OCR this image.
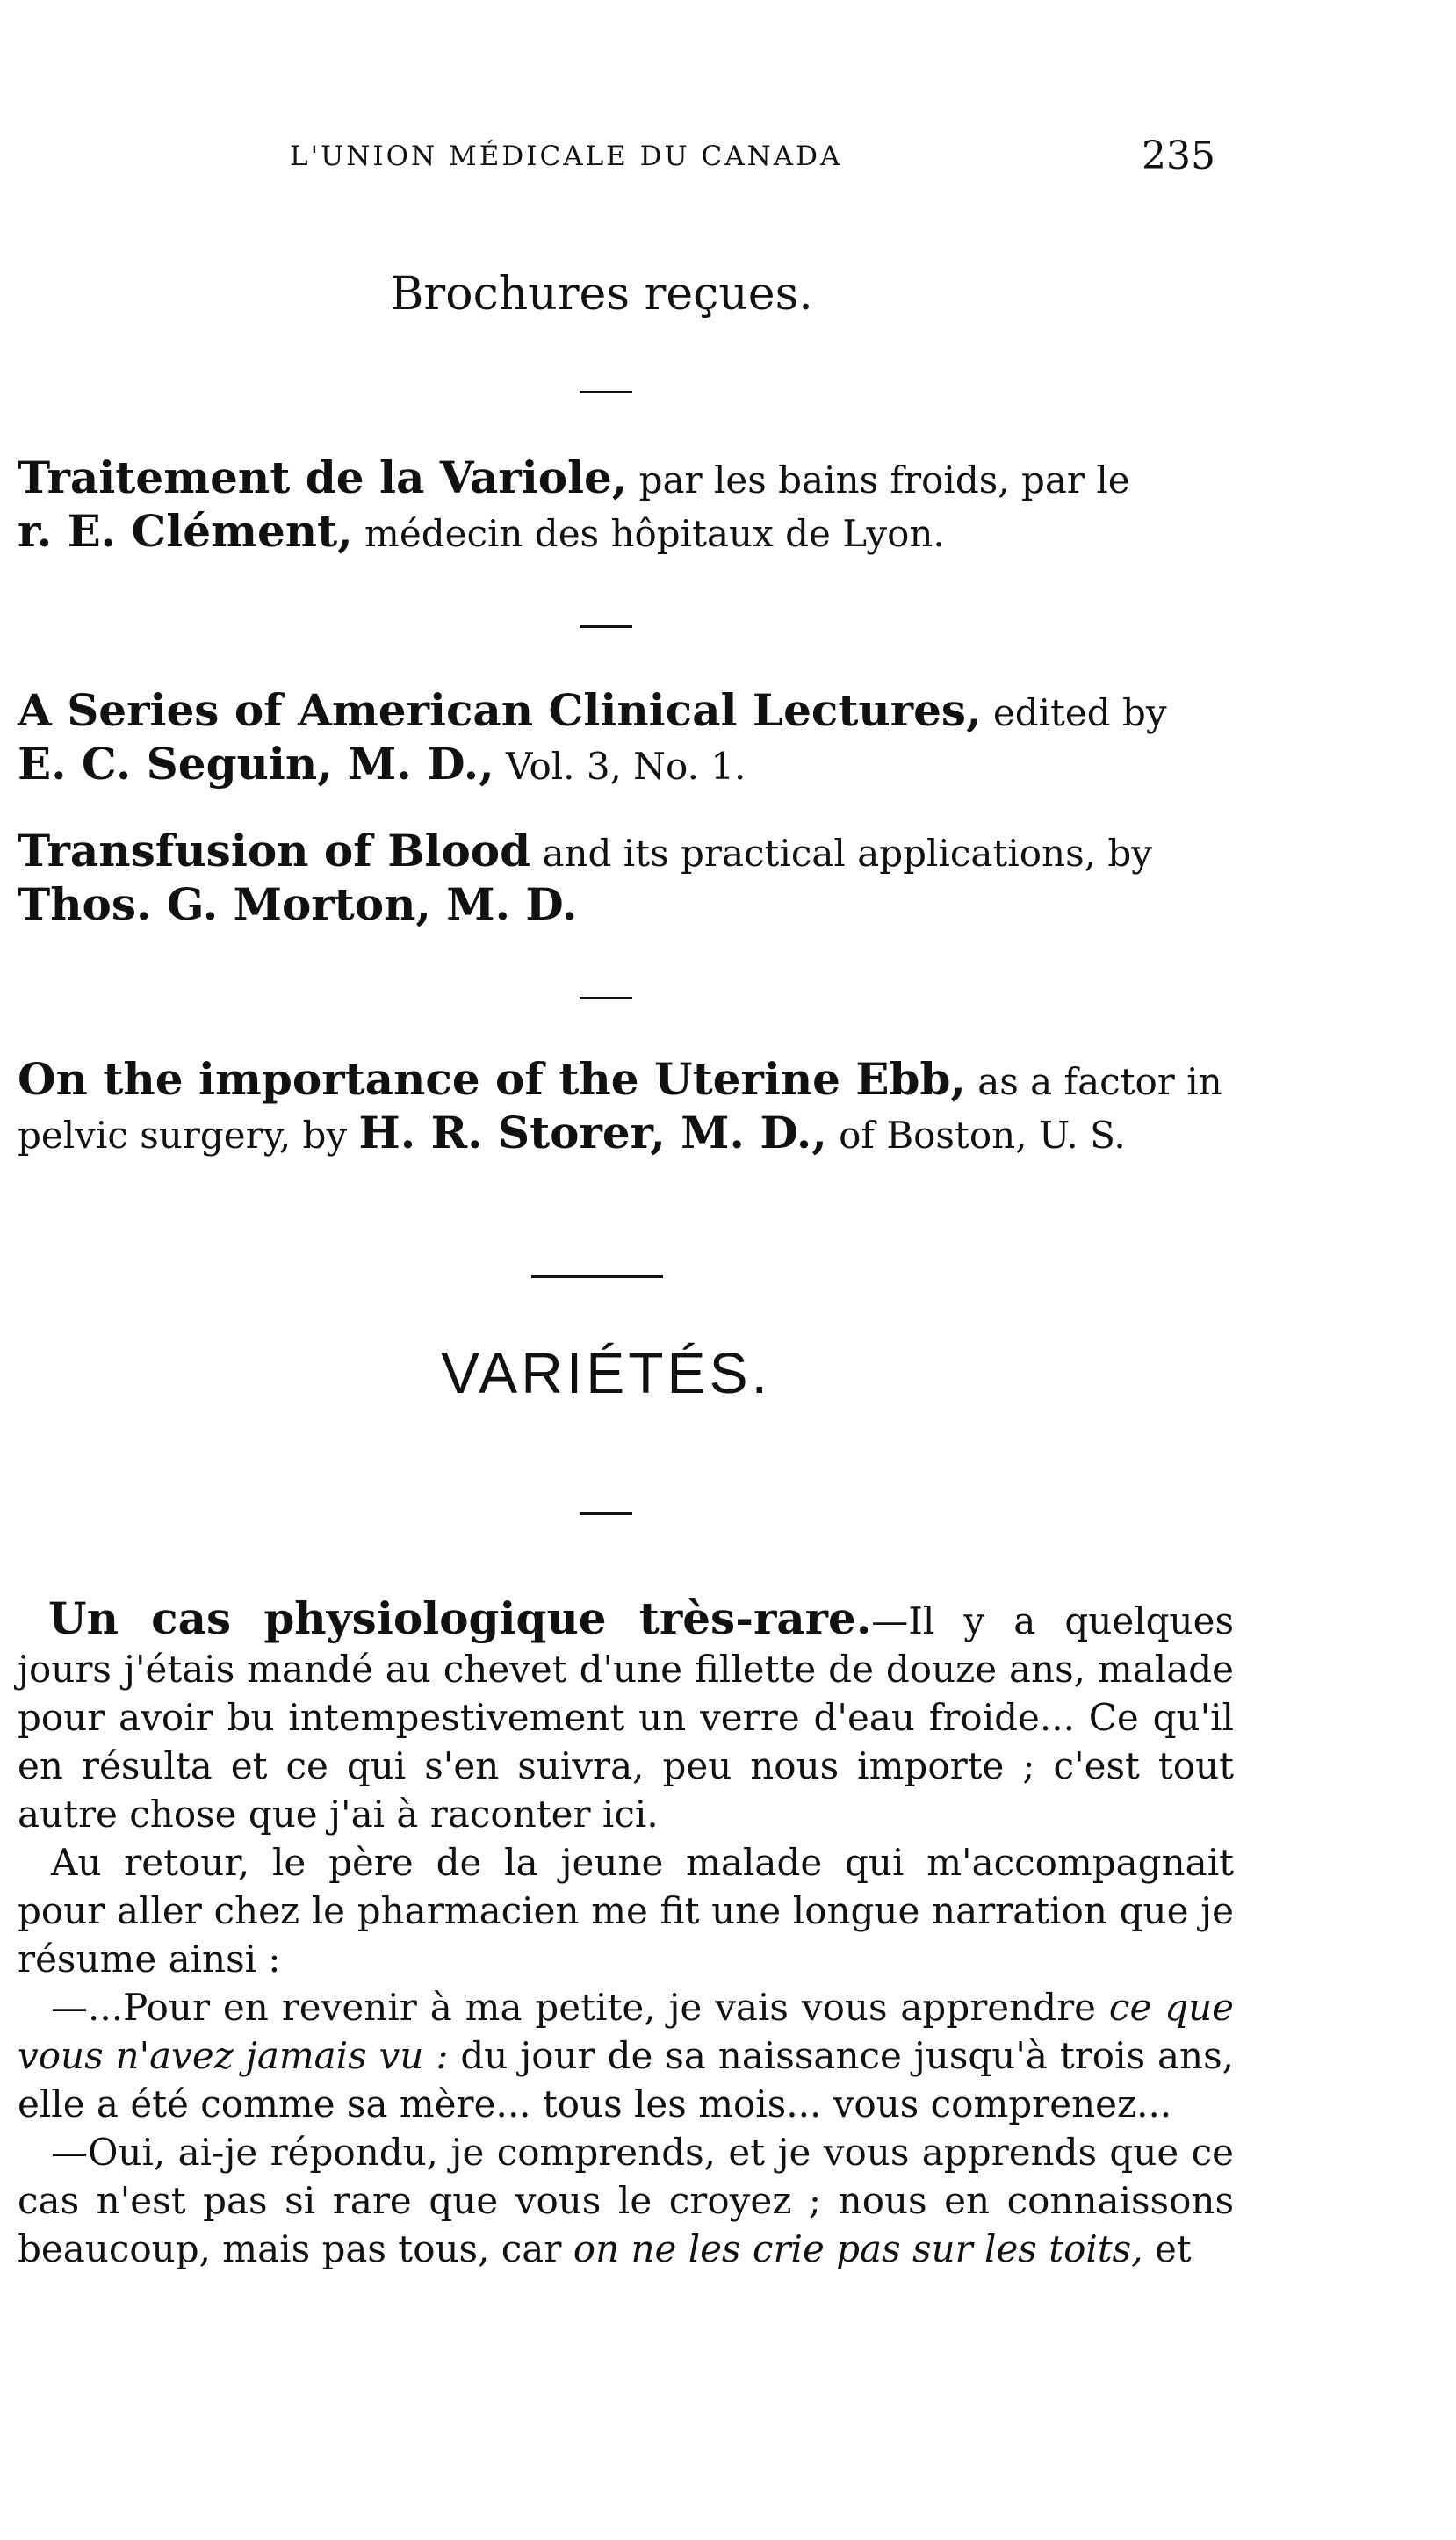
L'UNION MÉDICALE DU CANADA	235
Brochures reçues.
Traitement de la Variole, par les bains froids, par le
r. E. Clément, médecin des hôpitaux de Lyon.
A Series of American Clinical Lectures, edited by
E. C. Seguin, M. D., Vol. 3, No. 1.
Transfusion of Blood and its practical applications, by
Thos. G. Morton, M. D.
On the importance of the Uterine Ebb, as a factor in pelvic surgery, by H. R. Storer, M. D., of Boston, U. S.
VARIÉTÉS.

Un cas physiologique très-rare.—Il y a quelques jours j'étais mandé au chevet d'une fillette de douze ans, malade pour avoir bu intempestivement un verre d'eau froide... Ce qu'il en résulta et ce qui s'en suivra, peu nous importe ; c'est tout autre chose que j'ai à raconter ici.

Au retour, le père de la jeune malade qui m'accompagnait pour aller chez le pharmacien me fit une longue narration que je résume ainsi :

—...Pour en revenir à ma petite, je vais vous apprendre ce que vous n'avez jamais vu : du jour de sa naissance jusqu'à trois ans, elle a été comme sa mère... tous les mois... vous comprenez...

—Oui, ai-je répondu, je comprends, et je vous apprends que ce cas n'est pas si rare que vous le croyez ; nous en connaissons beaucoup, mais pas tous, car on ne les crie pas sur les toits, et
